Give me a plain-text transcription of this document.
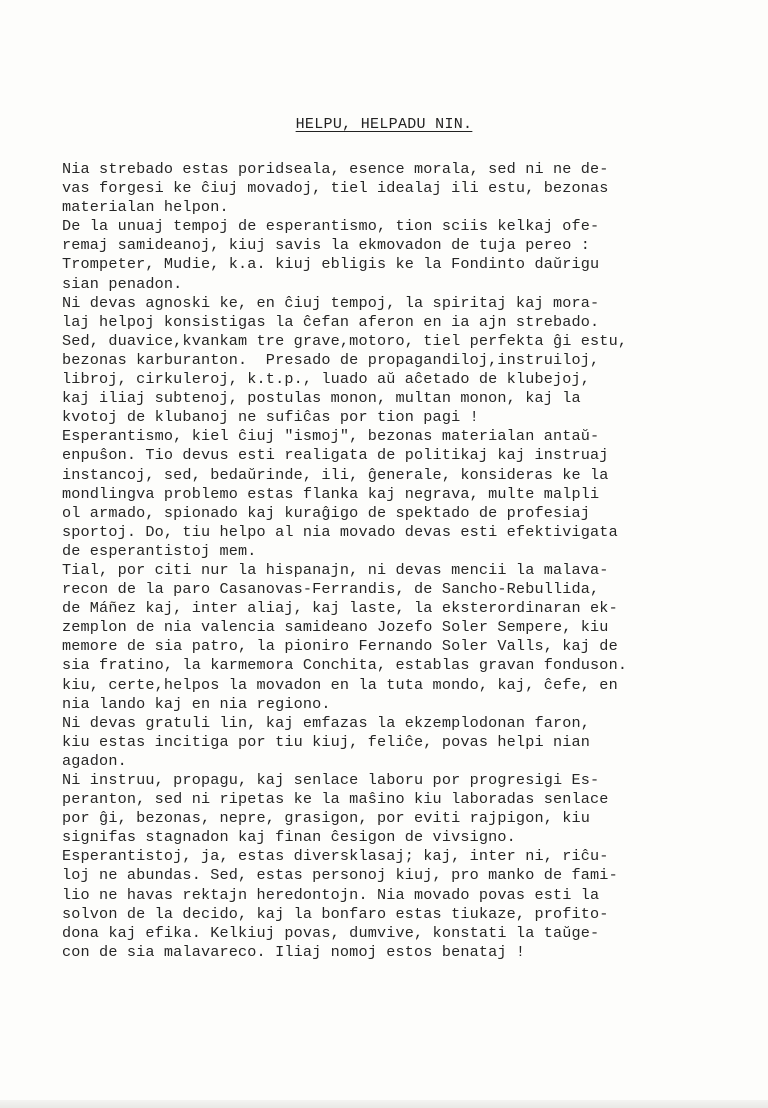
HELPU, HELPADU NIN.
Nia strebado estas poridseala, esence morala, sed ni ne de-
vas forgesi ke ĉiuj movadoj, tiel idealaj ili estu, bezonas
materialan helpon.
De la unuaj tempoj de esperantismo, tion sciis kelkaj ofe-
remaj samideanoj, kiuj savis la ekmovadon de tuja pereo :
Trompeter, Mudie, k.a. kiuj ebligis ke la Fondinto daŭrigu
sian penadon.
Ni devas agnoski ke, en ĉiuj tempoj, la spiritaj kaj mora-
laj helpoj konsistigas la ĉefan aferon en ia ajn strebado.
Sed, duavice,kvankam tre grave,motoro, tiel perfekta ĝi estu,
bezonas karburanton.  Presado de propagandiloj,instruiloj,
libroj, cirkuleroj, k.t.p., luado aŭ aĉetado de klubejoj,
kaj iliaj subtenoj, postulas monon, multan monon, kaj la
kvotoj de klubanoj ne sufiĉas por tion pagi !
Esperantismo, kiel ĉiuj "ismoj", bezonas materialan antaŭ-
enpuŝon. Tio devus esti realigata de politikaj kaj instruaj
instancoj, sed, bedaŭrinde, ili, ĝenerale, konsideras ke la
mondlingva problemo estas flanka kaj negrava, multe malpli
ol armado, spionado kaj kuraĝigo de spektado de profesiaj
sportoj. Do, tiu helpo al nia movado devas esti efektivigata
de esperantistoj mem.
Tial, por citi nur la hispanajn, ni devas mencii la malava-
recon de la paro Casanovas-Ferrandis, de Sancho-Rebullida,
de Máñez kaj, inter aliaj, kaj laste, la eksterordinaran ek-
zemplon de nia valencia samideano Jozefo Soler Sempere, kiu
memore de sia patro, la pioniro Fernando Soler Valls, kaj de
sia fratino, la karmemora Conchita, establas gravan fonduson.
kiu, certe,helpos la movadon en la tuta mondo, kaj, ĉefe, en
nia lando kaj en nia regiono.
Ni devas gratuli lin, kaj emfazas la ekzemplodonan faron,
kiu estas incitiga por tiu kiuj, feliĉe, povas helpi nian
agadon.
Ni instruu, propagu, kaj senlace laboru por progresigi Es-
peranton, sed ni ripetas ke la maŝino kiu laboradas senlace
por ĝi, bezonas, nepre, grasigon, por eviti rajpigon, kiu
signifas stagnadon kaj finan ĉesigon de vivsigno.
Esperantistoj, ja, estas diversklasaj; kaj, inter ni, riĉu-
loj ne abundas. Sed, estas personoj kiuj, pro manko de fami-
lio ne havas rektajn heredontojn. Nia movado povas esti la
solvon de la decido, kaj la bonfaro estas tiukaze, profito-
dona kaj efika. Kelkiuj povas, dumvive, konstati la taŭge-
con de sia malavareco. Iliaj nomoj estos benataj !
